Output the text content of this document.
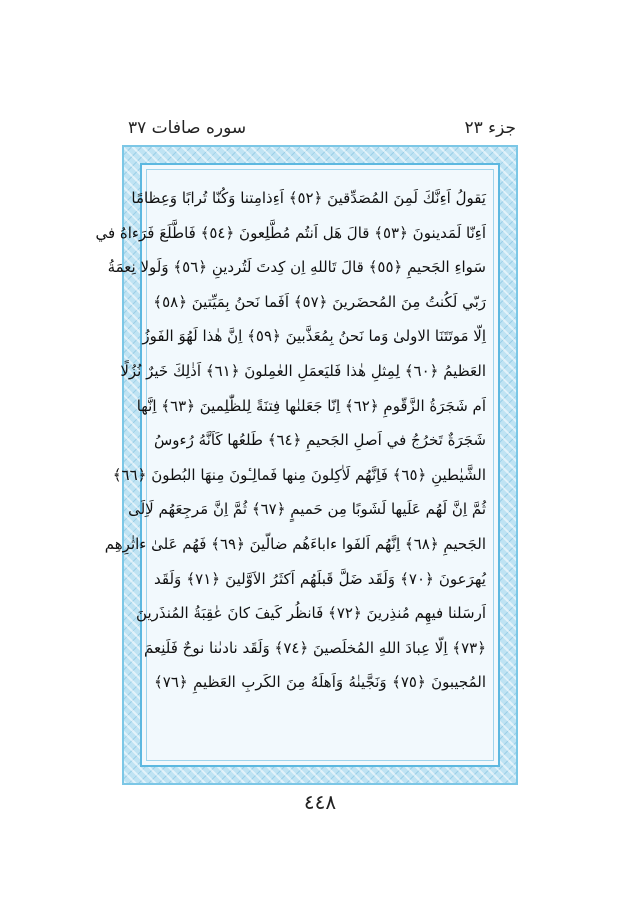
سوره صافات ٣٧	جزء ٢٣
يَقولُ اَءِنَّكَ لَمِنَ المُصَدِّقينَ ﴿٥٢﴾ اَءِذامِتنا وَكُنّا تُرابًا وَعِظامًا
اَءِنّا لَمَدينونَ ﴿٥٣﴾ قالَ هَل اَنتُم مُطَّلِعونَ ﴿٥٤﴾ فَاطَّلَعَ فَرَءاهُ في
سَواءِ الجَحيمِ ﴿٥٥﴾ قالَ تَاللهِ اِن كِدتَ لَتُردينِ ﴿٥٦﴾ وَلَولا نِعمَةُ
رَبّي لَكُنتُ مِنَ المُحضَرينَ ﴿٥٧﴾ اَفَما نَحنُ بِمَيِّتينَ ﴿٥٨﴾
اِلّا مَوتَتَنَا الاولىٰ وَما نَحنُ بِمُعَذَّبينَ ﴿٥٩﴾ اِنَّ هٰذا لَهُوَ الفَوزُ
العَظيمُ ﴿٦٠﴾ لِمِثلِ هٰذا فَليَعمَلِ العٰمِلونَ ﴿٦١﴾ اَذٰلِكَ خَيرٌ نُزُلًا
اَم شَجَرَةُ الزَّقّومِ ﴿٦٢﴾ اِنّا جَعَلنٰها فِتنَةً لِلظّٰلِمينَ ﴿٦٣﴾ اِنَّها
شَجَرَةٌ تَخرُجُ في اَصلِ الجَحيمِ ﴿٦٤﴾ طَلعُها كَاَنَّهُ رُءوسُ
الشَّيٰطينِ ﴿٦٥﴾ فَاِنَّهُم لَاٰكِلونَ مِنها فَمالِـٔونَ مِنهَا البُطونَ ﴿٦٦﴾
ثُمَّ اِنَّ لَهُم عَلَيها لَشَوبًا مِن حَميمٍ ﴿٦٧﴾ ثُمَّ اِنَّ مَرجِعَهُم لَاِلَى
الجَحيمِ ﴿٦٨﴾ اِنَّهُم اَلفَوا ءاباءَهُم ضالّينَ ﴿٦٩﴾ فَهُم عَلىٰ ءاثٰرِهِم
يُهرَعونَ ﴿٧٠﴾ وَلَقَد ضَلَّ قَبلَهُم اَكثَرُ الاَوَّلينَ ﴿٧١﴾ وَلَقَد
اَرسَلنا فيهِم مُنذِرينَ ﴿٧٢﴾ فَانظُر كَيفَ كانَ عٰقِبَةُ المُنذَرينَ
﴿٧٣﴾ اِلّا عِبادَ اللهِ المُخلَصينَ ﴿٧٤﴾ وَلَقَد نادىٰنا نوحٌ فَلَنِعمَ
المُجيبونَ ﴿٧٥﴾ وَنَجَّينٰهُ وَاَهلَهُ مِنَ الكَربِ العَظيمِ ﴿٧٦﴾
٤٤٨
